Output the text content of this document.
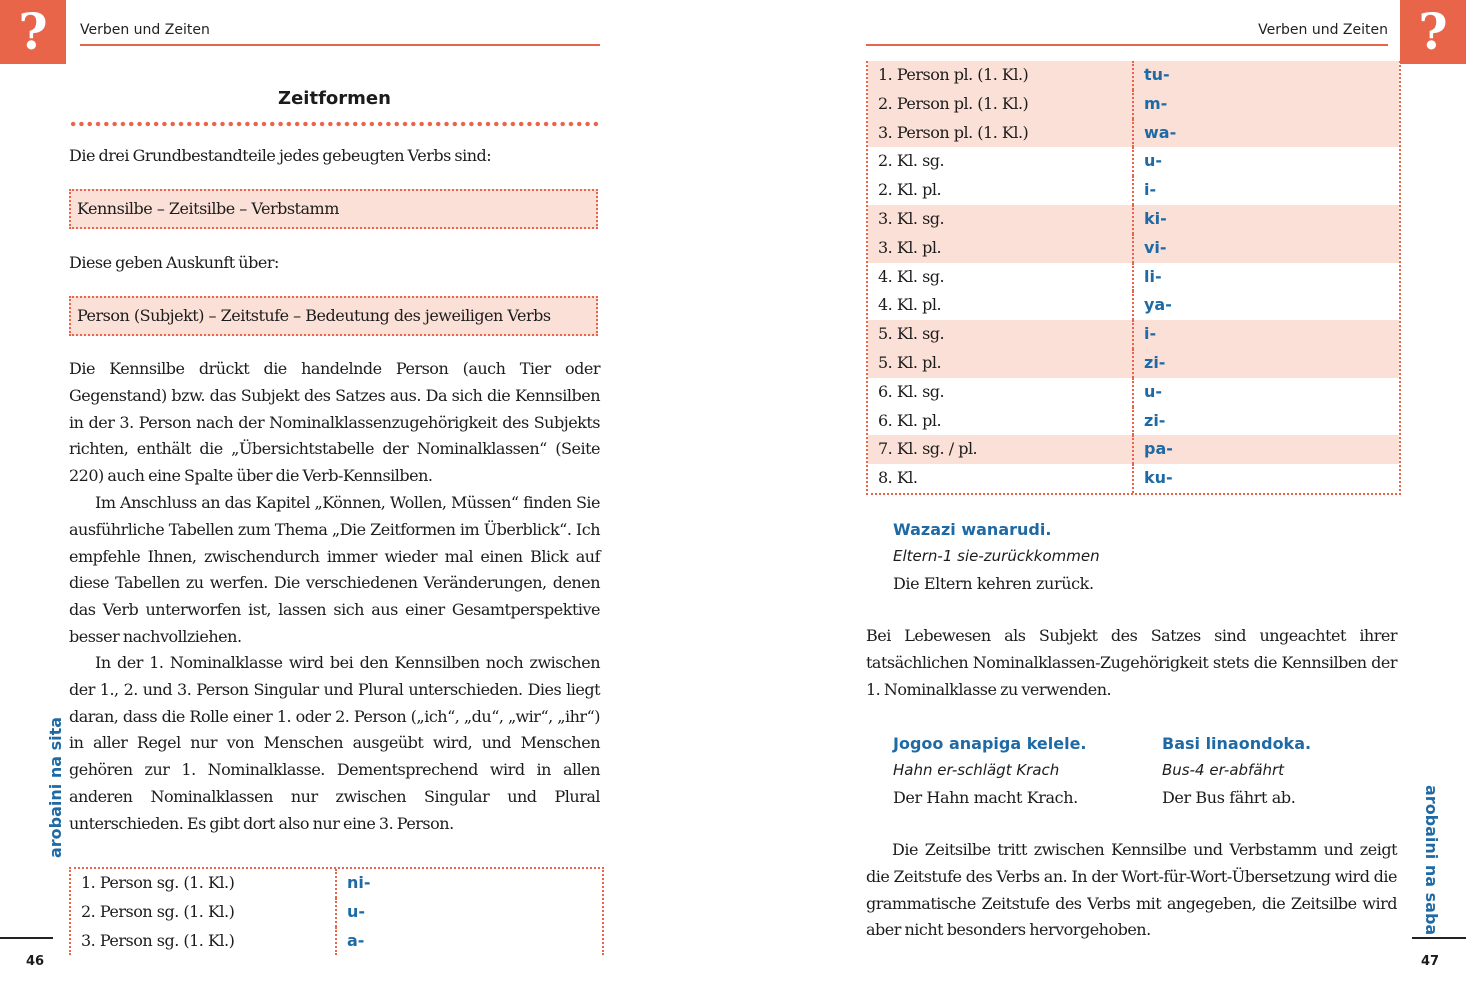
?	Verben und Zeiten
Zeitformen

Die drei Grundbestandteile jedes gebeugten Verbs sind:

Kennsilbe – Zeitsilbe – Verbstamm

Diese geben Auskunft über:

Person (Subjekt) – Zeitstufe – Bedeutung des jeweiligen Verbs

Die Kennsilbe drückt die handelnde Person (auch Tier oder Gegenstand) bzw. das Subjekt des Satzes aus. Da sich die Kennsilben in der 3. Person nach der Nominalklassenzugehörigkeit des Subjekts richten, enthält die „Übersichtstabelle der Nominalklassen“ (Seite 220) auch eine Spalte über die Verb-Kennsilben.

Im Anschluss an das Kapitel „Können, Wollen, Müssen“ finden Sie ausführliche Tabellen zum Thema „Die Zeitformen im Überblick“. Ich empfehle Ihnen, zwischendurch immer wieder mal einen Blick auf diese Tabellen zu werfen. Die verschiedenen Veränderungen, denen das Verb unterworfen ist, lassen sich aus einer Gesamtperspektive besser nachvollziehen.

In der 1. Nominalklasse wird bei den Kennsilben noch zwischen der 1., 2. und 3. Person Singular und Plural unterschieden. Dies liegt daran, dass die Rolle einer 1. oder 2. Person („ich“, „du“, „wir“, „ihr“) in aller Regel nur von Menschen ausgeübt wird, und Menschen gehören zur 1. Nominalklasse. Dementsprechend wird in allen anderen Nominalklassen nur zwischen Singular und Plural unterschieden. Es gibt dort also nur eine 3. Person.

1. Person sg. (1. Kl.)	ni-
2. Person sg. (1. Kl.)	u-
3. Person sg. (1. Kl.)	a-
arobaini na sita
46
?
Verben und Zeiten
1. Person pl. (1. Kl.)	tu-
2. Person pl. (1. Kl.)	m-
3. Person pl. (1. Kl.)	wa-
2. Kl. sg.	u-
2. Kl. pl.	i-
3. Kl. sg.	ki-
3. Kl. pl.	vi-
4. Kl. sg.	li-
4. Kl. pl.	ya-
5. Kl. sg.	i-
5. Kl. pl.	zi-
6. Kl. sg.	u-
6. Kl. pl.	zi-
7. Kl. sg. / pl.	pa-
8. Kl.	ku-
Wazazi wanarudi.
Eltern-1 sie-zurückkommen
Die Eltern kehren zurück.

Bei Lebewesen als Subjekt des Satzes sind ungeachtet ihrer tatsächlichen Nominalklassen-Zugehörigkeit stets die Kennsilben der 1. Nominalklasse zu verwenden.

Jogoo anapiga kelele.
Hahn er-schlägt Krach
Der Hahn macht Krach.
Basi linaondoka.
Bus-4 er-abfährt
Der Bus fährt ab.

Die Zeitsilbe tritt zwischen Kennsilbe und Verbstamm und zeigt die Zeitstufe des Verbs an. In der Wort-für-Wort-Übersetzung wird die grammatische Zeitstufe des Verbs mit angegeben, die Zeitsilbe wird aber nicht besonders hervorgehoben.	arobaini na saba
47
